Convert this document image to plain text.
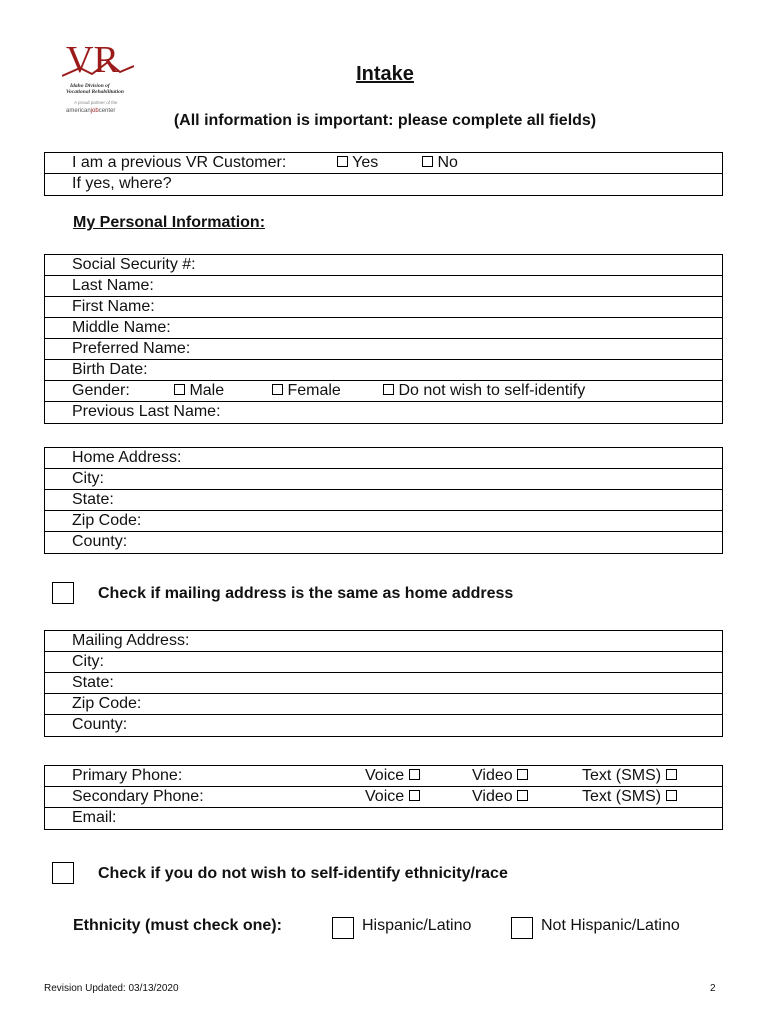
VR
Idaho Division of
Vocational Rehabilitation
A proud partner of the
americanjobcenter
Intake
(All information is important: please complete all fields)
I am a previous VR Customer:	Yes	No
If yes, where?
My Personal Information:
Social Security #:
Last Name:
First Name:
Middle Name:
Preferred Name:
Birth Date:
Gender:	Male	Female	Do not wish to self-identify
Previous Last Name:
Home Address:
City:
State:
Zip Code:
County:
Check if mailing address is the same as home address
Mailing Address:
City:
State:
Zip Code:
County:
Primary Phone:	Voice	Video	Text (SMS)
Secondary Phone:	Voice	Video	Text (SMS)
Email:
Check if you do not wish to self-identify ethnicity/race
Ethnicity (must check one):	Hispanic/Latino	Not Hispanic/Latino
Revision Updated: 03/13/2020	2
